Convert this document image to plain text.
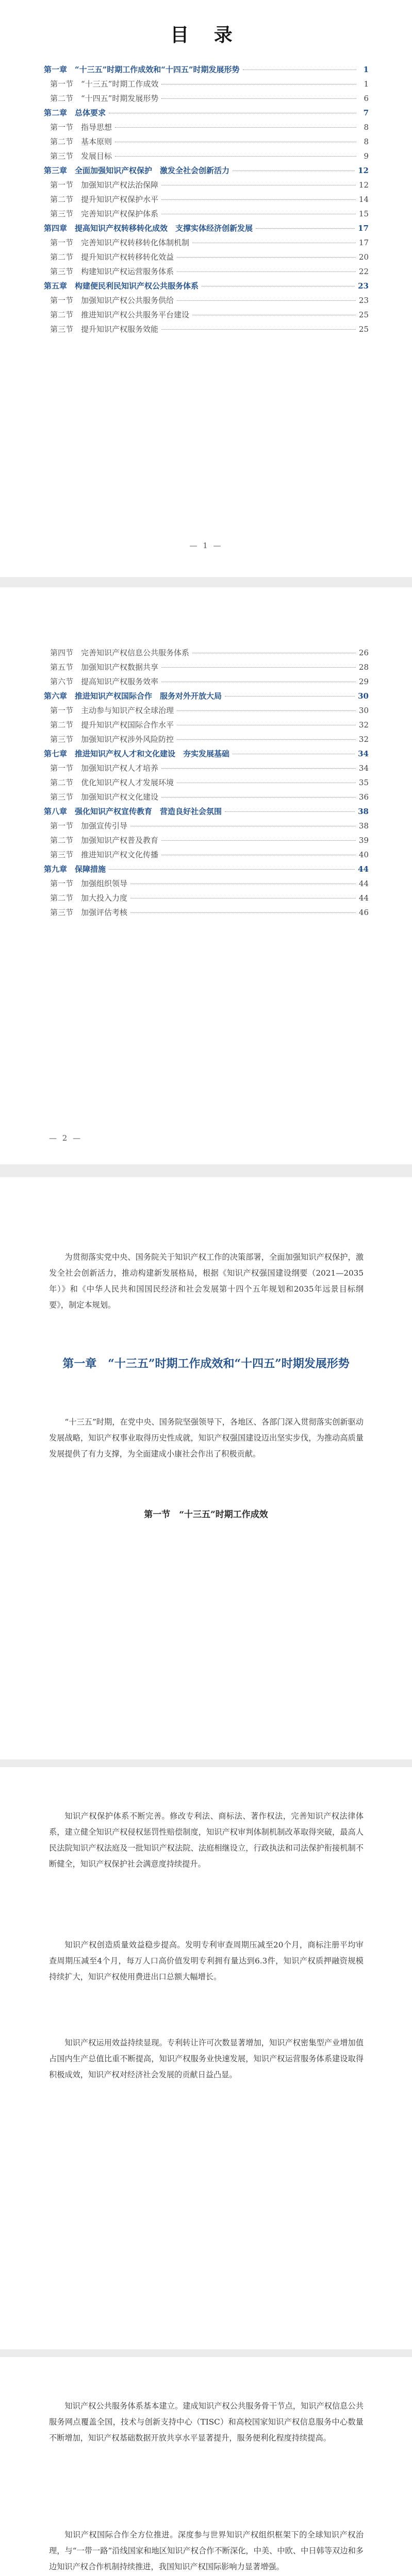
目 录
第一章　“十三五”时期工作成效和“十四五”时期发展形势	1
第一节　“十三五”时期工作成效	1
第二节　“十四五”时期发展形势	6
第二章　总体要求	7
第一节　指导思想	8
第二节　基本原则	8
第三节　发展目标	9
第三章　全面加强知识产权保护　激发全社会创新活力	12
第一节　加强知识产权法治保障	12
第二节　提升知识产权保护水平	14
第三节　完善知识产权保护体系	15
第四章　提高知识产权转移转化成效　支撑实体经济创新发展	17
第一节　完善知识产权转移转化体制机制	17
第二节　提升知识产权转移转化效益	20
第三节　构建知识产权运营服务体系	22
第五章　构建便民利民知识产权公共服务体系	23
第一节　加强知识产权公共服务供给	23
第二节　推进知识产权公共服务平台建设	25
第三节　提升知识产权服务效能	25
— 1 —
第四节　完善知识产权信息公共服务体系	26
第五节　加强知识产权数据共享	28
第六节　提高知识产权服务效率	29
第六章　推进知识产权国际合作　服务对外开放大局	30
第一节　主动参与知识产权全球治理	30
第二节　提升知识产权国际合作水平	32
第三节　加强知识产权涉外风险防控	32
第七章　推进知识产权人才和文化建设　夯实发展基础	34
第一节　加强知识产权人才培养	34
第二节　优化知识产权人才发展环境	35
第三节　加强知识产权文化建设	36
第八章　强化知识产权宣传教育　营造良好社会氛围	38
第一节　加强宣传引导	38
第二节　加强知识产权普及教育	39
第三节　推进知识产权文化传播	40
第九章　保障措施	44
第一节　加强组织领导	44
第二节　加大投入力度	44
第三节　加强评估考核	46
— 2 —

为贯彻落实党中央、国务院关于知识产权工作的决策部署，全面加强知识产权保护，激发全社会创新活力，推动构建新发展格局，根据《知识产权强国建设纲要（2021—2035年）》和《中华人民共和国国民经济和社会发展第十四个五年规划和2035年远景目标纲要》，制定本规划。

第一章　“十三五”时期工作成效和“十四五”时期发展形势

“十三五”时期，在党中央、国务院坚强领导下，各地区、各部门深入贯彻落实创新驱动发展战略，知识产权事业取得历史性成就，知识产权强国建设迈出坚实步伐，为推动高质量发展提供了有力支撑，为全面建成小康社会作出了积极贡献。

第一节　“十三五”时期工作成效

知识产权保护体系不断完善。修改专利法、商标法、著作权法，完善知识产权法律体系，建立健全知识产权侵权惩罚性赔偿制度，知识产权审判体制机制改革取得突破，最高人民法院知识产权法庭及一批知识产权法院、法庭相继设立，行政执法和司法保护衔接机制不断健全，知识产权保护社会满意度持续提升。

知识产权创造质量效益稳步提高。发明专利审查周期压减至20个月，商标注册平均审查周期压减至4个月，每万人口高价值发明专利拥有量达到6.3件，知识产权质押融资规模持续扩大，知识产权使用费进出口总额大幅增长。

知识产权运用效益持续显现。专利转让许可次数显著增加，知识产权密集型产业增加值占国内生产总值比重不断提高，知识产权服务业快速发展，知识产权运营服务体系建设取得积极成效，知识产权对经济社会发展的贡献日益凸显。

知识产权公共服务体系基本建立。建成知识产权公共服务骨干节点，知识产权信息公共服务网点覆盖全国，技术与创新支持中心（TISC）和高校国家知识产权信息服务中心数量不断增加，知识产权基础数据开放共享水平显著提升，服务便利化程度持续提高。

知识产权国际合作全方位推进。深度参与世界知识产权组织框架下的全球知识产权治理，与“一带一路”沿线国家和地区知识产权合作不断深化，中美、中欧、中日韩等双边和多边知识产权合作机制持续推进，我国知识产权国际影响力显著增强。
